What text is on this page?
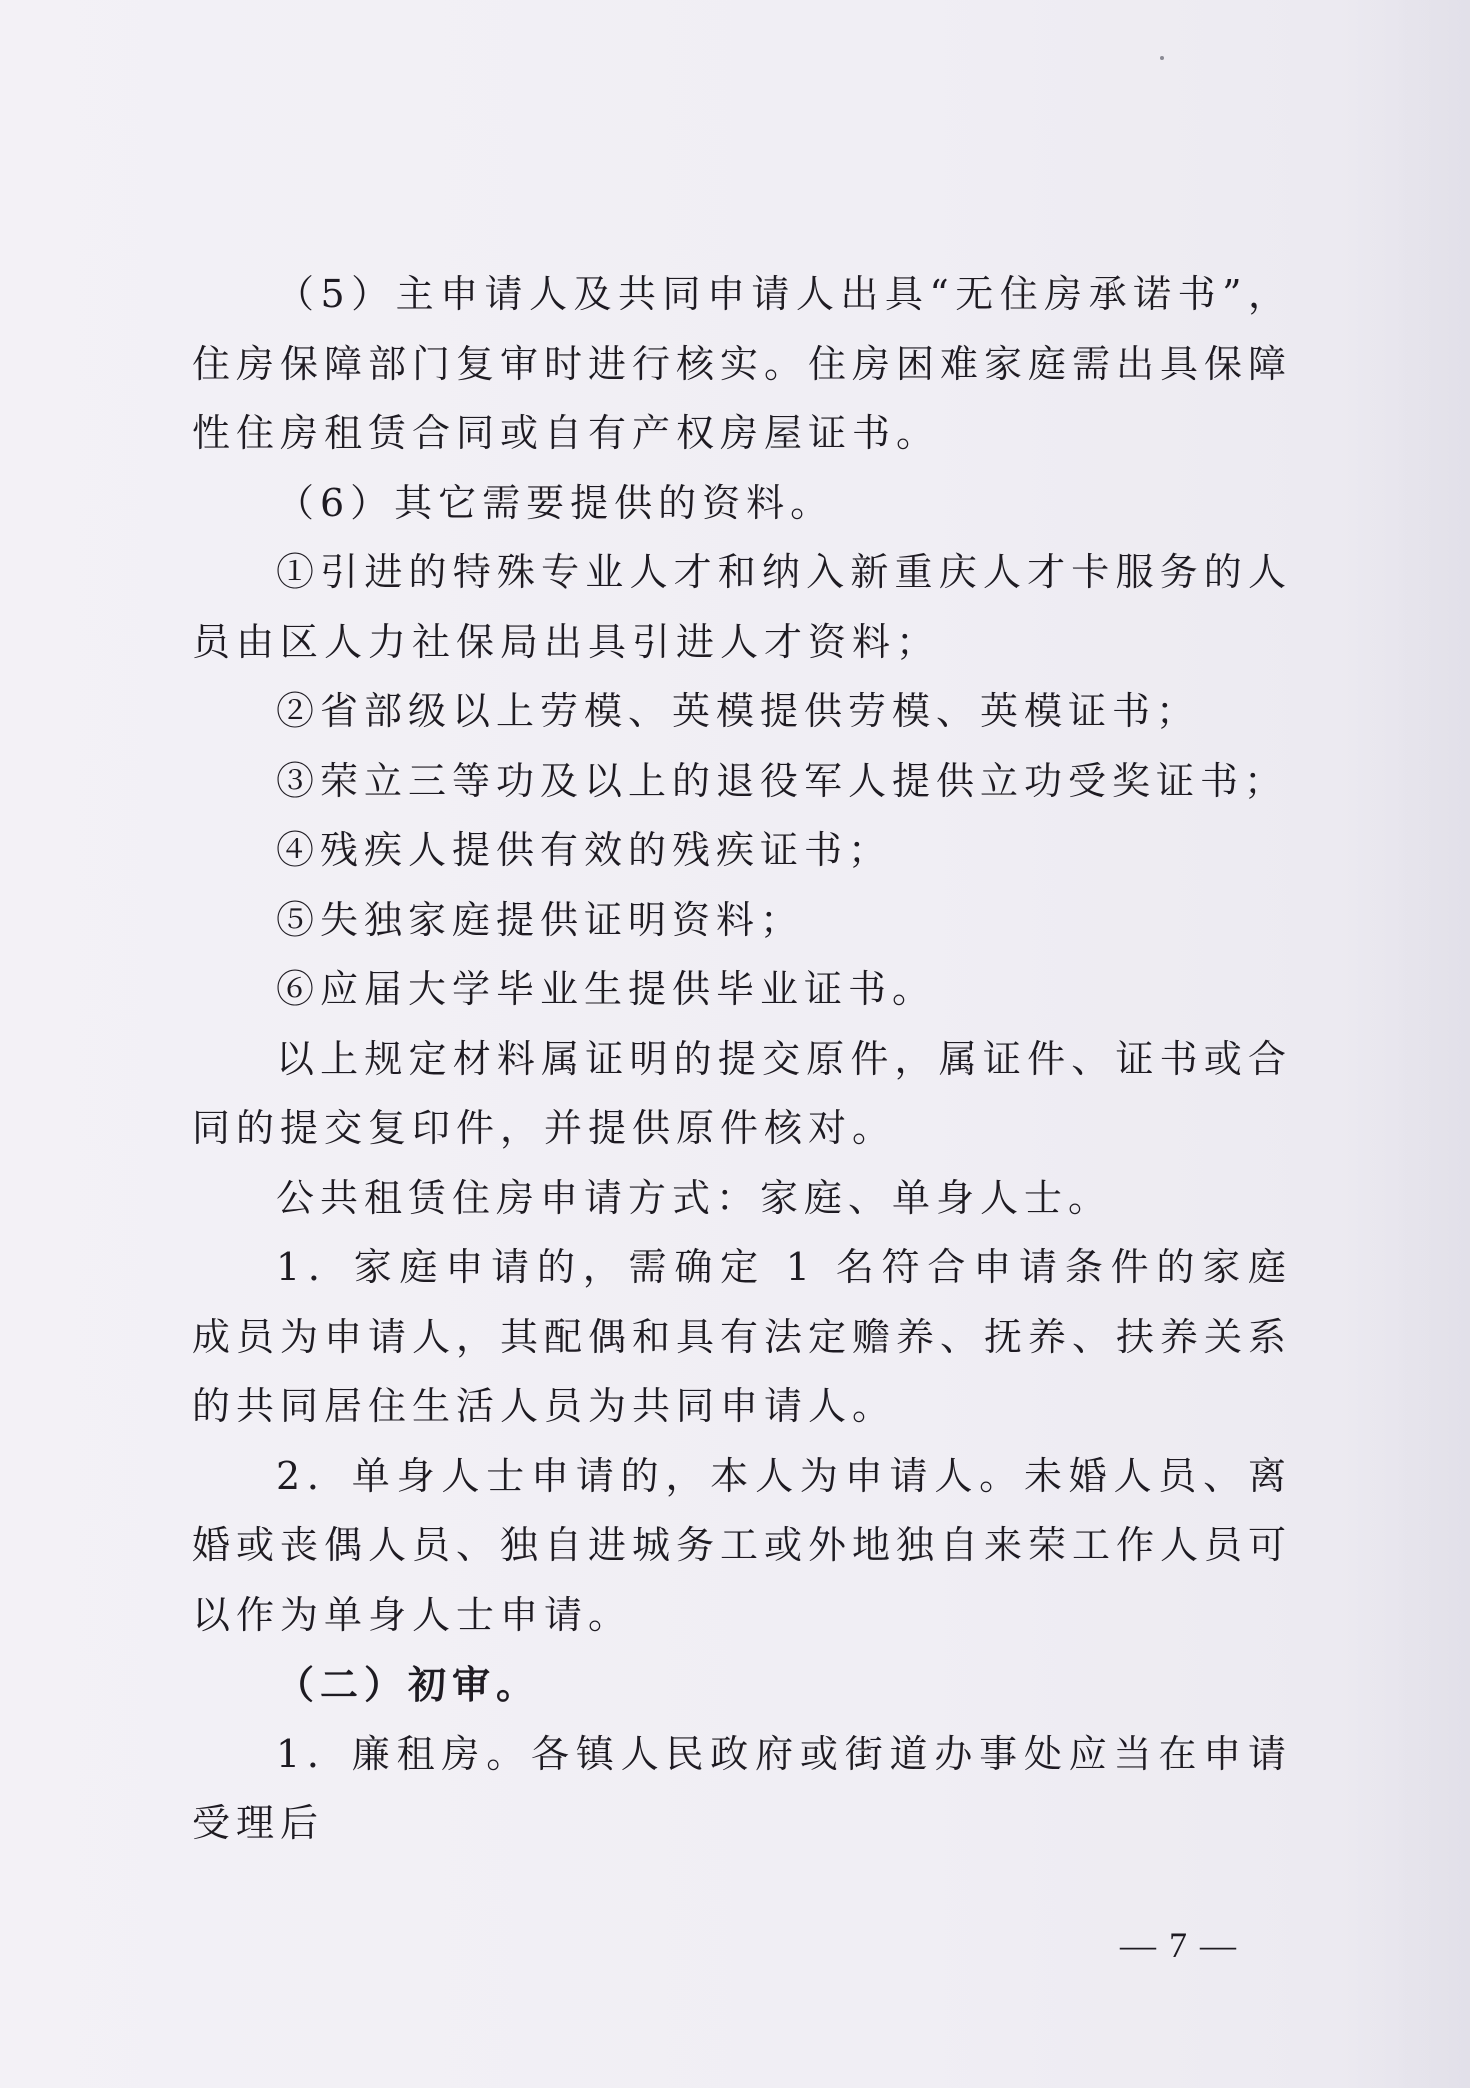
（5）主申请人及共同申请人出具“无住房承诺书”，住房保障部门复审时进行核实。住房困难家庭需出具保障性住房租赁合同或自有产权房屋证书。

（6）其它需要提供的资料。

①引进的特殊专业人才和纳入新重庆人才卡服务的人员由区人力社保局出具引进人才资料；

②省部级以上劳模、英模提供劳模、英模证书；

③荣立三等功及以上的退役军人提供立功受奖证书；

④残疾人提供有效的残疾证书；

⑤失独家庭提供证明资料；

⑥应届大学毕业生提供毕业证书。

以上规定材料属证明的提交原件，属证件、证书或合同的提交复印件，并提供原件核对。

公共租赁住房申请方式：家庭、单身人士。

1．家庭申请的，需确定 1 名符合申请条件的家庭成员为申请人，其配偶和具有法定赡养、抚养、扶养关系的共同居住生活人员为共同申请人。

2．单身人士申请的，本人为申请人。未婚人员、离婚或丧偶人员、独自进城务工或外地独自来荣工作人员可以作为单身人士申请。

（二）初审。

1．廉租房。各镇人民政府或街道办事处应当在申请受理后

— 7 —
